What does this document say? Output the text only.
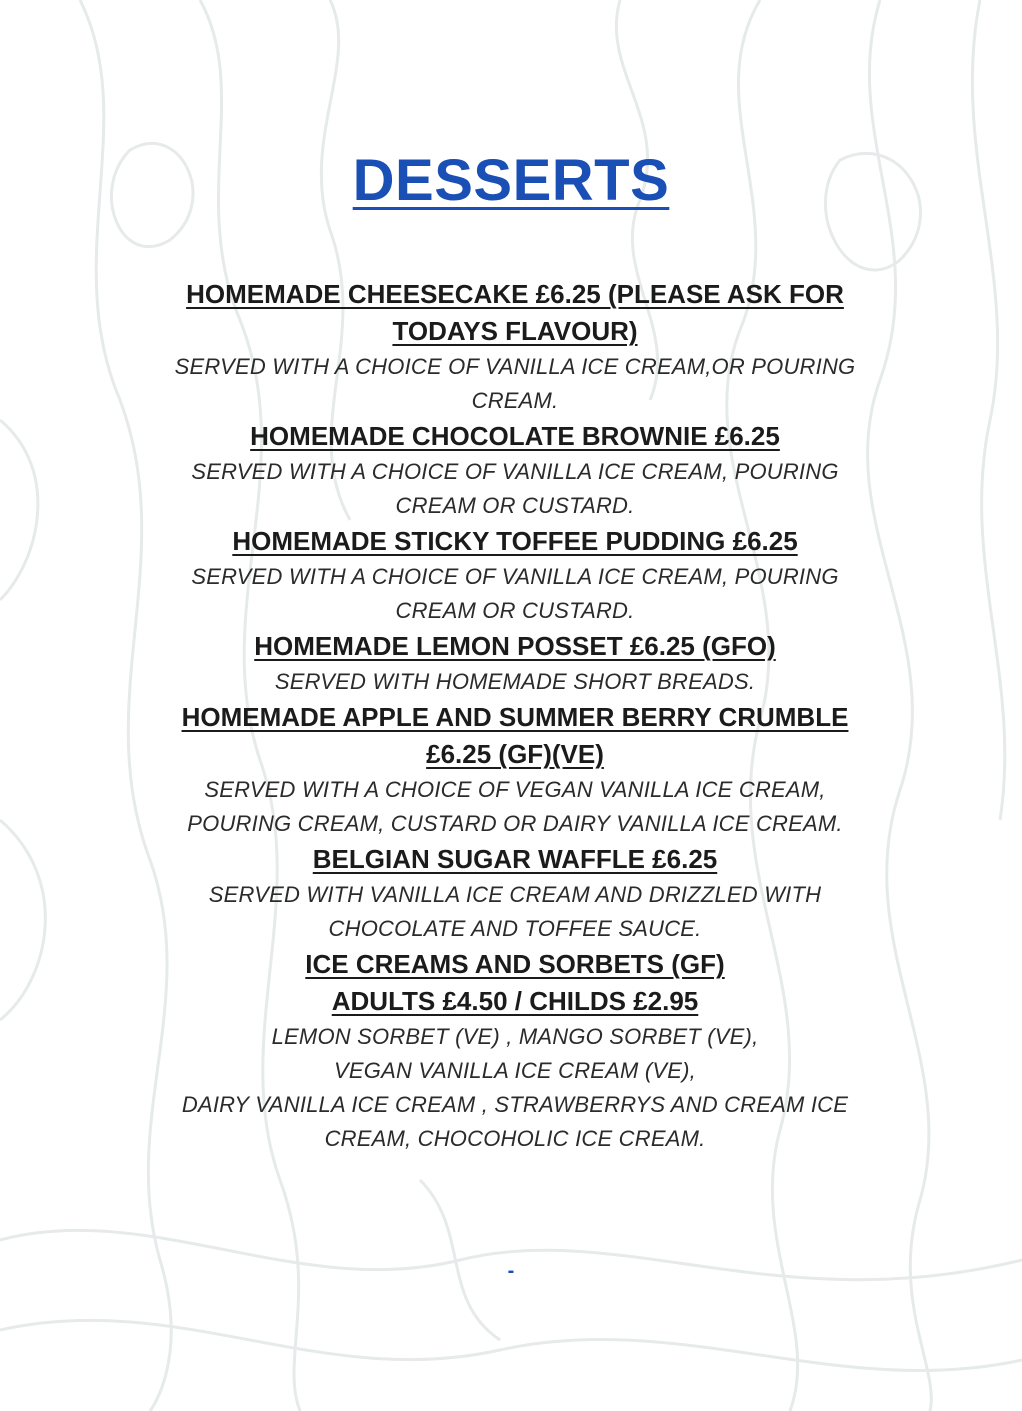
DESSERTS

HOMEMADE CHEESECAKE £6.25 (PLEASE ASK FOR
TODAYS FLAVOUR)

SERVED WITH A CHOICE OF VANILLA ICE CREAM,OR POURING
CREAM.

HOMEMADE CHOCOLATE BROWNIE £6.25

SERVED WITH A CHOICE OF VANILLA ICE CREAM, POURING
CREAM OR CUSTARD.

HOMEMADE STICKY TOFFEE PUDDING £6.25

SERVED WITH A CHOICE OF VANILLA ICE CREAM, POURING
CREAM OR CUSTARD.

HOMEMADE LEMON POSSET £6.25 (GFO)

SERVED WITH HOMEMADE SHORT BREADS.

HOMEMADE APPLE AND SUMMER BERRY CRUMBLE
£6.25 (GF)(VE)

SERVED WITH A CHOICE OF VEGAN VANILLA ICE CREAM,
POURING CREAM, CUSTARD OR DAIRY VANILLA ICE CREAM.

BELGIAN SUGAR WAFFLE £6.25

SERVED WITH VANILLA ICE CREAM AND DRIZZLED WITH
CHOCOLATE AND TOFFEE SAUCE.

ICE CREAMS AND SORBETS (GF)
ADULTS £4.50 / CHILDS £2.95

LEMON SORBET (VE) , MANGO SORBET (VE),
VEGAN VANILLA ICE CREAM (VE),
DAIRY VANILLA ICE CREAM , STRAWBERRYS AND CREAM ICE
CREAM, CHOCOHOLIC ICE CREAM.

-
